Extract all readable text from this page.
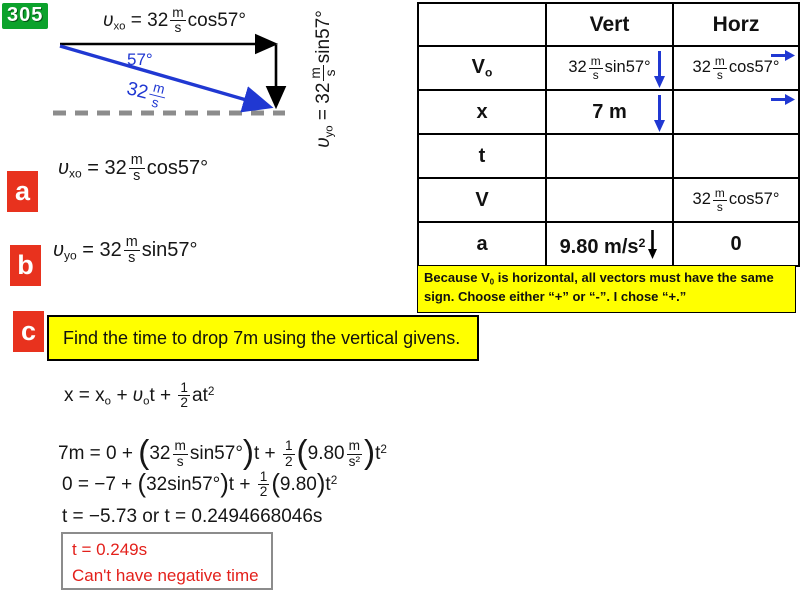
305	$\upsilon xo = 32 \frac{m}{s} \cos 57^\circ$
57°
32
$\frac{m}{s}$
υyo = 32
m s
sin57°
		Vert	Horz
Vo	$32 \frac{m}{s} \sin 57^\circ$	$32 \frac{m}{s} \cos 57^\circ$
x	7 m

t		
V		$32 \frac{m}{s} \cos 57^\circ$
a	9.80 $m/s^2$	0
Because V0 is horizontal, all vectors must have the same sign. Choose either “+” or “-”. I chose “+.”
a
b
c
$\upsilon xo = 32 \frac{m}{s} \cos 57^\circ$
$\upsilon yo = 32 \frac{m}{s} \sin 57^\circ$
Find the time to drop 7m using the vertical givens.
x = xo + $\upsilon ot + \frac{1}{2} at^2$
$7m = 0 + (32 \frac{m}{s} \sin 57^\circ)t + \frac{1}{2} (9.80 \frac{m}{\text{s²}} )t^2$
$0 = -7 + (32\sin 57^\circ)t + \frac{1}{2} (9.80)t^2$
t = −5.73 or t = 0.2494668046s
t = 0.249s
Can't have negative time
